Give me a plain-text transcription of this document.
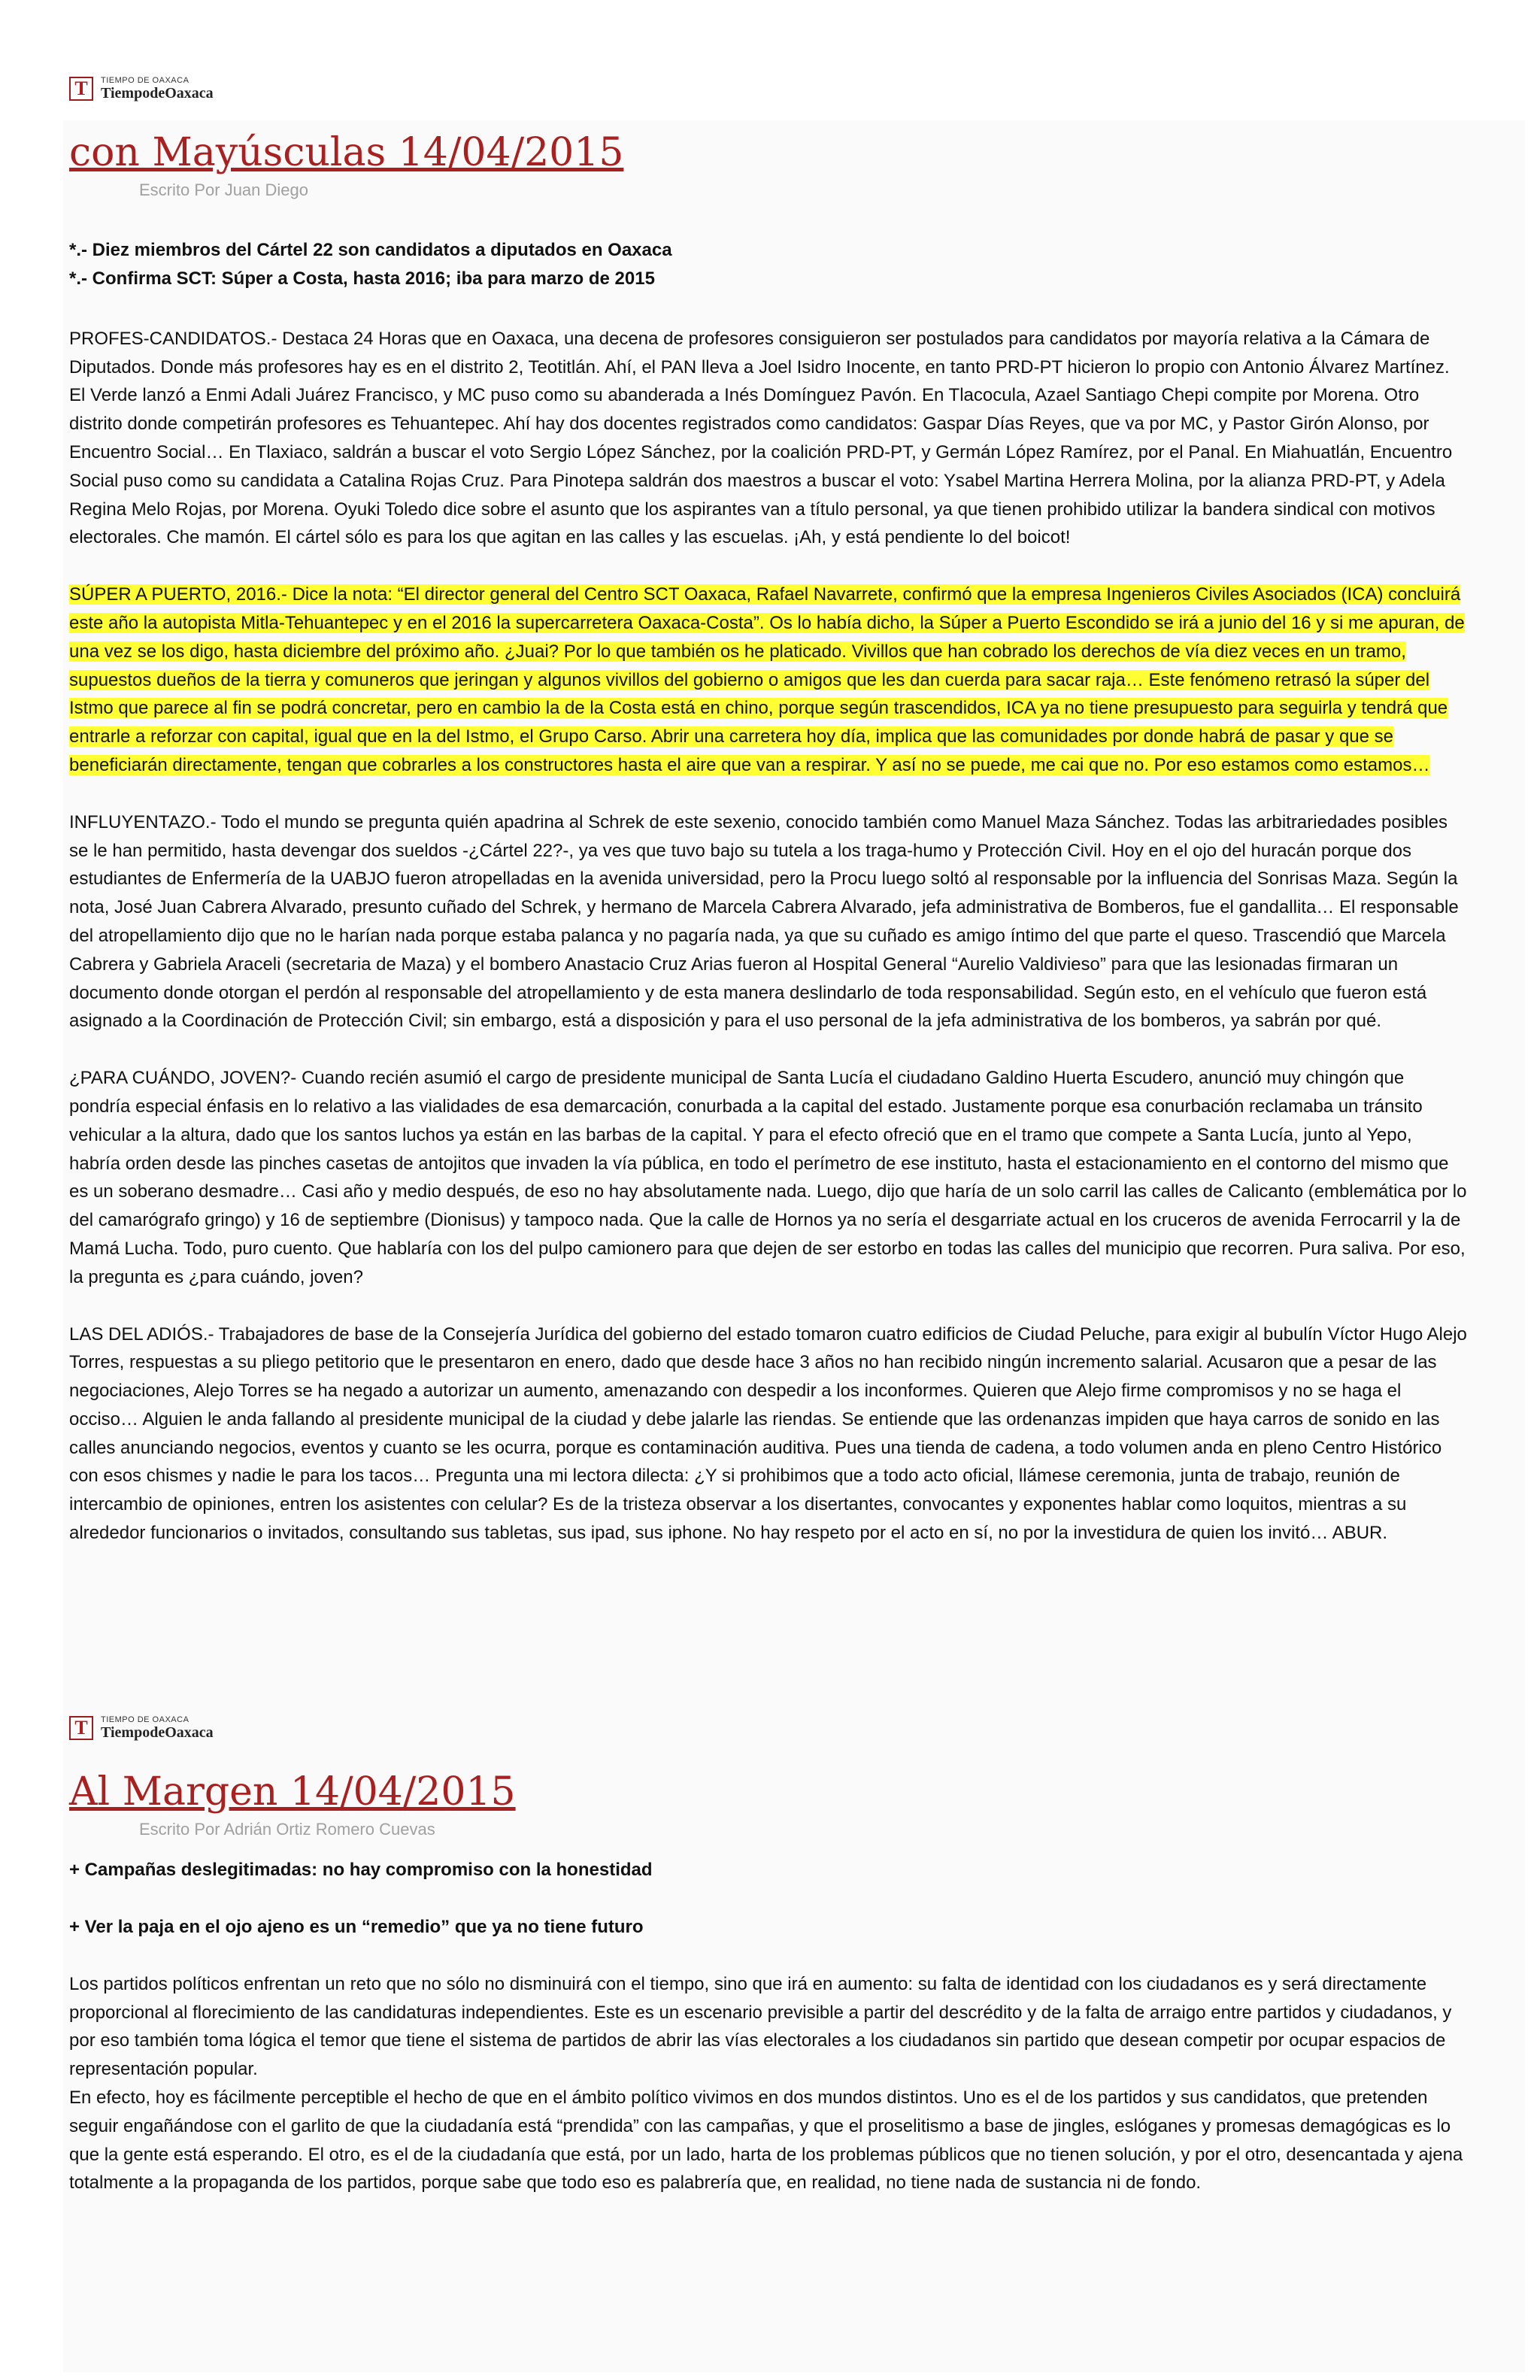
T	TIEMPO DE OAXACA
TiempodeOaxaca
con Mayúsculas 14/04/2015
Escrito Por Juan Diego
*.- Diez miembros del Cártel 22 son candidatos a diputados en Oaxaca
*.- Confirma SCT: Súper a Costa, hasta 2016; iba para marzo de 2015

PROFES-CANDIDATOS.- Destaca 24 Horas que en Oaxaca, una decena de profesores consiguieron ser postulados para candidatos por mayoría relativa a la Cámara de Diputados. Donde más profesores hay es en el distrito 2, Teotitlán. Ahí, el PAN lleva a Joel Isidro Inocente, en tanto PRD-PT hicieron lo propio con Antonio Álvarez Martínez. El Verde lanzó a Enmi Adali Juárez Francisco, y MC puso como su abanderada a Inés Domínguez Pavón. En Tlacocula, Azael Santiago Chepi compite por Morena. Otro distrito donde competirán profesores es Tehuantepec. Ahí hay dos docentes registrados como candidatos: Gaspar Días Reyes, que va por MC, y Pastor Girón Alonso, por Encuentro Social… En Tlaxiaco, saldrán a buscar el voto Sergio López Sánchez, por la coalición PRD-PT, y Germán López Ramírez, por el Panal. En Miahuatlán, Encuentro Social puso como su candidata a Catalina Rojas Cruz. Para Pinotepa saldrán dos maestros a buscar el voto: Ysabel Martina Herrera Molina, por la alianza PRD-PT, y Adela Regina Melo Rojas, por Morena. Oyuki Toledo dice sobre el asunto que los aspirantes van a título personal, ya que tienen prohibido utilizar la bandera sindical con motivos electorales. Che mamón. El cártel sólo es para los que agitan en las calles y las escuelas. ¡Ah, y está pendiente lo del boicot!

SÚPER A PUERTO, 2016.- Dice la nota: “El director general del Centro SCT Oaxaca, Rafael Navarrete, confirmó que la empresa Ingenieros Civiles Asociados (ICA) concluirá este año la autopista Mitla-Tehuantepec y en el 2016 la supercarretera Oaxaca-Costa”. Os lo había dicho, la Súper a Puerto Escondido se irá a junio del 16 y si me apuran, de una vez se los digo, hasta diciembre del próximo año. ¿Juai? Por lo que también os he platicado. Vivillos que han cobrado los derechos de vía diez veces en un tramo, supuestos dueños de la tierra y comuneros que jeringan y algunos vivillos del gobierno o amigos que les dan cuerda para sacar raja… Este fenómeno retrasó la súper del Istmo que parece al fin se podrá concretar, pero en cambio la de la Costa está en chino, porque según trascendidos, ICA ya no tiene presupuesto para seguirla y tendrá que entrarle a reforzar con capital, igual que en la del Istmo, el Grupo Carso. Abrir una carretera hoy día, implica que las comunidades por donde habrá de pasar y que se beneficiarán directamente, tengan que cobrarles a los constructores hasta el aire que van a respirar. Y así no se puede, me cai que no. Por eso estamos como estamos…

INFLUYENTAZO.- Todo el mundo se pregunta quién apadrina al Schrek de este sexenio, conocido también como Manuel Maza Sánchez. Todas las arbitrariedades posibles se le han permitido, hasta devengar dos sueldos -¿Cártel 22?-, ya ves que tuvo bajo su tutela a los traga-humo y Protección Civil. Hoy en el ojo del huracán porque dos estudiantes de Enfermería de la UABJO fueron atropelladas en la avenida universidad, pero la Procu luego soltó al responsable por la influencia del Sonrisas Maza. Según la nota, José Juan Cabrera Alvarado, presunto cuñado del Schrek, y hermano de Marcela Cabrera Alvarado, jefa administrativa de Bomberos, fue el gandallita… El responsable del atropellamiento dijo que no le harían nada porque estaba palanca y no pagaría nada, ya que su cuñado es amigo íntimo del que parte el queso. Trascendió que Marcela Cabrera y Gabriela Araceli (secretaria de Maza) y el bombero Anastacio Cruz Arias fueron al Hospital General “Aurelio Valdivieso” para que las lesionadas firmaran un documento donde otorgan el perdón al responsable del atropellamiento y de esta manera deslindarlo de toda responsabilidad. Según esto, en el vehículo que fueron está asignado a la Coordinación de Protección Civil; sin embargo, está a disposición y para el uso personal de la jefa administrativa de los bomberos, ya sabrán por qué.

¿PARA CUÁNDO, JOVEN?- Cuando recién asumió el cargo de presidente municipal de Santa Lucía el ciudadano Galdino Huerta Escudero, anunció muy chingón que pondría especial énfasis en lo relativo a las vialidades de esa demarcación, conurbada a la capital del estado. Justamente porque esa conurbación reclamaba un tránsito vehicular a la altura, dado que los santos luchos ya están en las barbas de la capital. Y para el efecto ofreció que en el tramo que compete a Santa Lucía, junto al Yepo, habría orden desde las pinches casetas de antojitos que invaden la vía pública, en todo el perímetro de ese instituto, hasta el estacionamiento en el contorno del mismo que es un soberano desmadre… Casi año y medio después, de eso no hay absolutamente nada. Luego, dijo que haría de un solo carril las calles de Calicanto (emblemática por lo del camarógrafo gringo) y 16 de septiembre (Dionisus) y tampoco nada. Que la calle de Hornos ya no sería el desgarriate actual en los cruceros de avenida Ferrocarril y la de Mamá Lucha. Todo, puro cuento. Que hablaría con los del pulpo camionero para que dejen de ser estorbo en todas las calles del municipio que recorren. Pura saliva. Por eso, la pregunta es ¿para cuándo, joven?

LAS DEL ADIÓS.- Trabajadores de base de la Consejería Jurídica del gobierno del estado tomaron cuatro edificios de Ciudad Peluche, para exigir al bubulín Víctor Hugo Alejo Torres, respuestas a su pliego petitorio que le presentaron en enero, dado que desde hace 3 años no han recibido ningún incremento salarial. Acusaron que a pesar de las negociaciones, Alejo Torres se ha negado a autorizar un aumento, amenazando con despedir a los inconformes. Quieren que Alejo firme compromisos y no se haga el occiso… Alguien le anda fallando al presidente municipal de la ciudad y debe jalarle las riendas. Se entiende que las ordenanzas impiden que haya carros de sonido en las calles anunciando negocios, eventos y cuanto se les ocurra, porque es contaminación auditiva. Pues una tienda de cadena, a todo volumen anda en pleno Centro Histórico con esos chismes y nadie le para los tacos… Pregunta una mi lectora dilecta: ¿Y si prohibimos que a todo acto oficial, llámese ceremonia, junta de trabajo, reunión de intercambio de opiniones, entren los asistentes con celular? Es de la tristeza observar a los disertantes, convocantes y exponentes hablar como loquitos, mientras a su alrededor funcionarios o invitados, consultando sus tabletas, sus ipad, sus iphone. No hay respeto por el acto en sí, no por la investidura de quien los invitó… ABUR.

T	TIEMPO DE OAXACA
TiempodeOaxaca
Al Margen 14/04/2015
Escrito Por Adrián Ortiz Romero Cuevas
+ Campañas deslegitimadas: no hay compromiso con la honestidad
+ Ver la paja en el ojo ajeno es un “remedio” que ya no tiene futuro

Los partidos políticos enfrentan un reto que no sólo no disminuirá con el tiempo, sino que irá en aumento: su falta de identidad con los ciudadanos es y será directamente proporcional al florecimiento de las candidaturas independientes. Este es un escenario previsible a partir del descrédito y de la falta de arraigo entre partidos y ciudadanos, y por eso también toma lógica el temor que tiene el sistema de partidos de abrir las vías electorales a los ciudadanos sin partido que desean competir por ocupar espacios de representación popular.

En efecto, hoy es fácilmente perceptible el hecho de que en el ámbito político vivimos en dos mundos distintos. Uno es el de los partidos y sus candidatos, que pretenden seguir engañándose con el garlito de que la ciudadanía está “prendida” con las campañas, y que el proselitismo a base de jingles, eslóganes y promesas demagógicas es lo que la gente está esperando. El otro, es el de la ciudadanía que está, por un lado, harta de los problemas públicos que no tienen solución, y por el otro, desencantada y ajena totalmente a la propaganda de los partidos, porque sabe que todo eso es palabrería que, en realidad, no tiene nada de sustancia ni de fondo.
